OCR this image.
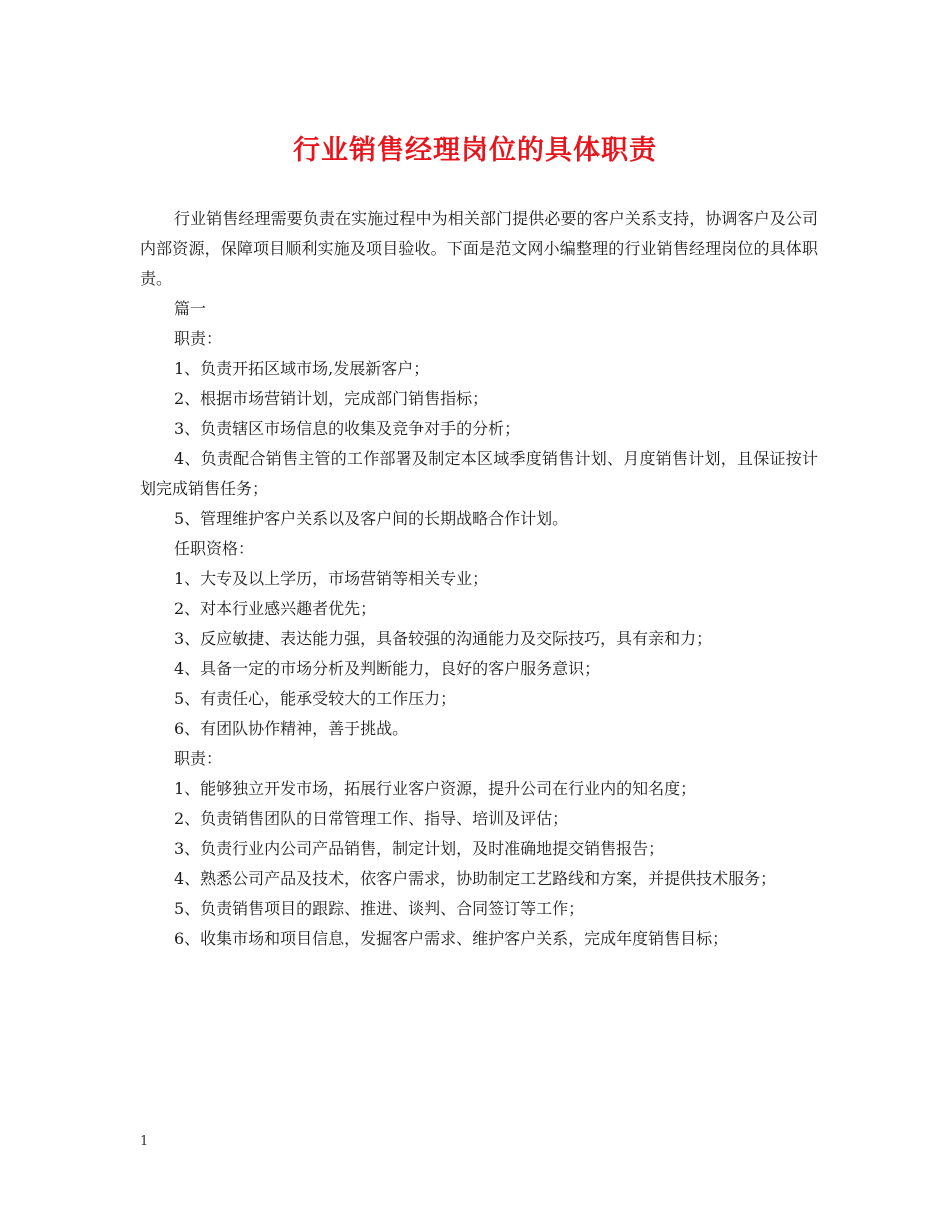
行业销售经理岗位的具体职责

行业销售经理需要负责在实施过程中为相关部门提供必要的客户关系支持，协调客户及公司内部资源，保障项目顺利实施及项目验收。下面是范文网小编整理的行业销售经理岗位的具体职责。

篇一

职责：

1、负责开拓区域市场,发展新客户；

2、根据市场营销计划，完成部门销售指标；

3、负责辖区市场信息的收集及竞争对手的分析；

4、负责配合销售主管的工作部署及制定本区域季度销售计划、月度销售计划，且保证按计划完成销售任务；

5、管理维护客户关系以及客户间的长期战略合作计划。

任职资格：

1、大专及以上学历，市场营销等相关专业；

2、对本行业感兴趣者优先；

3、反应敏捷、表达能力强，具备较强的沟通能力及交际技巧，具有亲和力；

4、具备一定的市场分析及判断能力，良好的客户服务意识；

5、有责任心，能承受较大的工作压力；

6、有团队协作精神，善于挑战。

职责：

1、能够独立开发市场，拓展行业客户资源，提升公司在行业内的知名度；

2、负责销售团队的日常管理工作、指导、培训及评估；

3、负责行业内公司产品销售，制定计划，及时准确地提交销售报告；

4、熟悉公司产品及技术，依客户需求，协助制定工艺路线和方案，并提供技术服务；

5、负责销售项目的跟踪、推进、谈判、合同签订等工作；

6、收集市场和项目信息，发掘客户需求、维护客户关系，完成年度销售目标；

1
